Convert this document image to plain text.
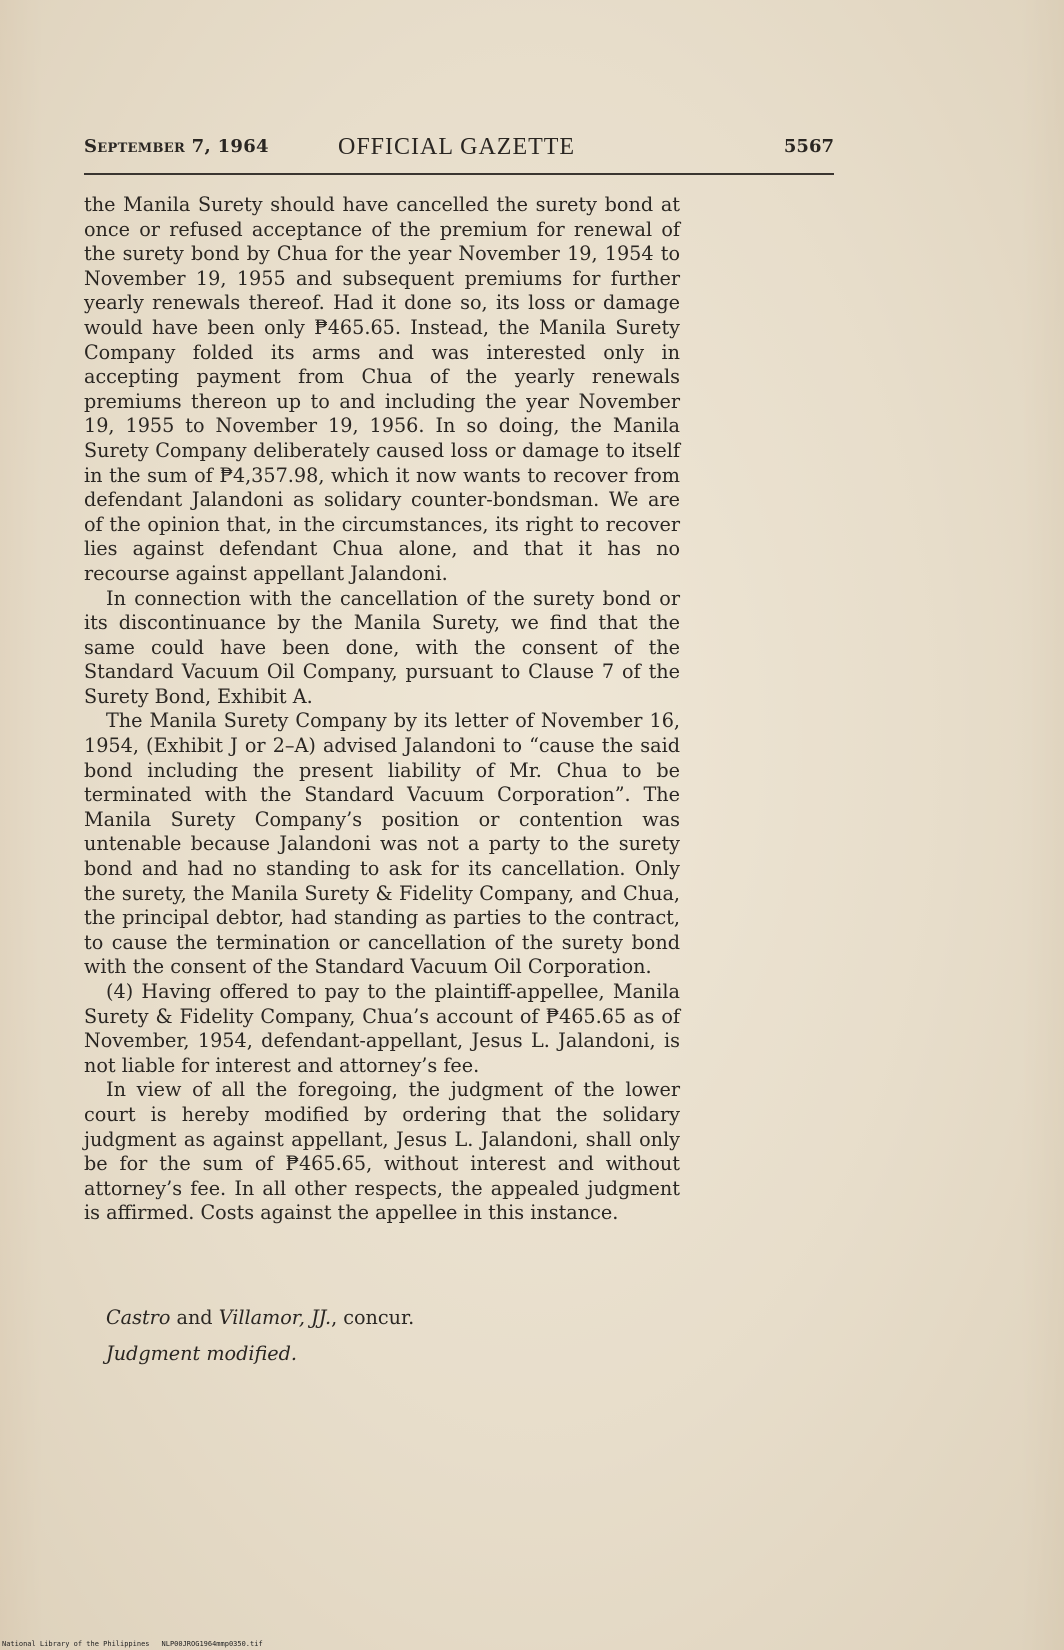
September 7, 1964	OFFICIAL GAZETTE	5567

the Manila Surety should have cancelled the surety bond at once or refused acceptance of the premium for renewal of the surety bond by Chua for the year November 19, 1954 to November 19, 1955 and subsequent premiums for further yearly renewals thereof. Had it done so, its loss or damage would have been only ₱465.65. Instead, the Manila Surety Company folded its arms and was interested only in accepting payment from Chua of the yearly renewals premiums thereon up to and including the year November 19, 1955 to November 19, 1956. In so doing, the Manila Surety Company deliberately caused loss or damage to itself in the sum of ₱4,357.98, which it now wants to recover from defendant Jalandoni as solidary counter-bondsman. We are of the opinion that, in the circumstances, its right to recover lies against defendant Chua alone, and that it has no recourse against appellant Jalandoni.

In connection with the cancellation of the surety bond or its discontinuance by the Manila Surety, we find that the same could have been done, with the consent of the Standard Vacuum Oil Company, pursuant to Clause 7 of the Surety Bond, Exhibit A.

The Manila Surety Company by its letter of November 16, 1954, (Exhibit J or 2–A) advised Jalandoni to “cause the said bond including the present liability of Mr. Chua to be terminated with the Standard Vacuum Corporation”. The Manila Surety Company’s position or contention was untenable because Jalandoni was not a party to the surety bond and had no standing to ask for its cancellation. Only the surety, the Manila Surety & Fidelity Company, and Chua, the principal debtor, had standing as parties to the contract, to cause the termination or cancellation of the surety bond with the consent of the Standard Vacuum Oil Corporation.

(4) Having offered to pay to the plaintiff-appellee, Manila Surety & Fidelity Company, Chua’s account of ₱465.65 as of November, 1954, defendant-appellant, Jesus L. Jalandoni, is not liable for interest and attorney’s fee.

In view of all the foregoing, the judgment of the lower court is hereby modified by ordering that the solidary judgment as against appellant, Jesus L. Jalandoni, shall only be for the sum of ₱465.65, without interest and without attorney’s fee. In all other respects, the appealed judgment is affirmed. Costs against the appellee in this instance.

Castro and Villamor, JJ., concur.
Judgment modified.
National Library of the Philippines NLP00JROG1964mmp0350.tif
